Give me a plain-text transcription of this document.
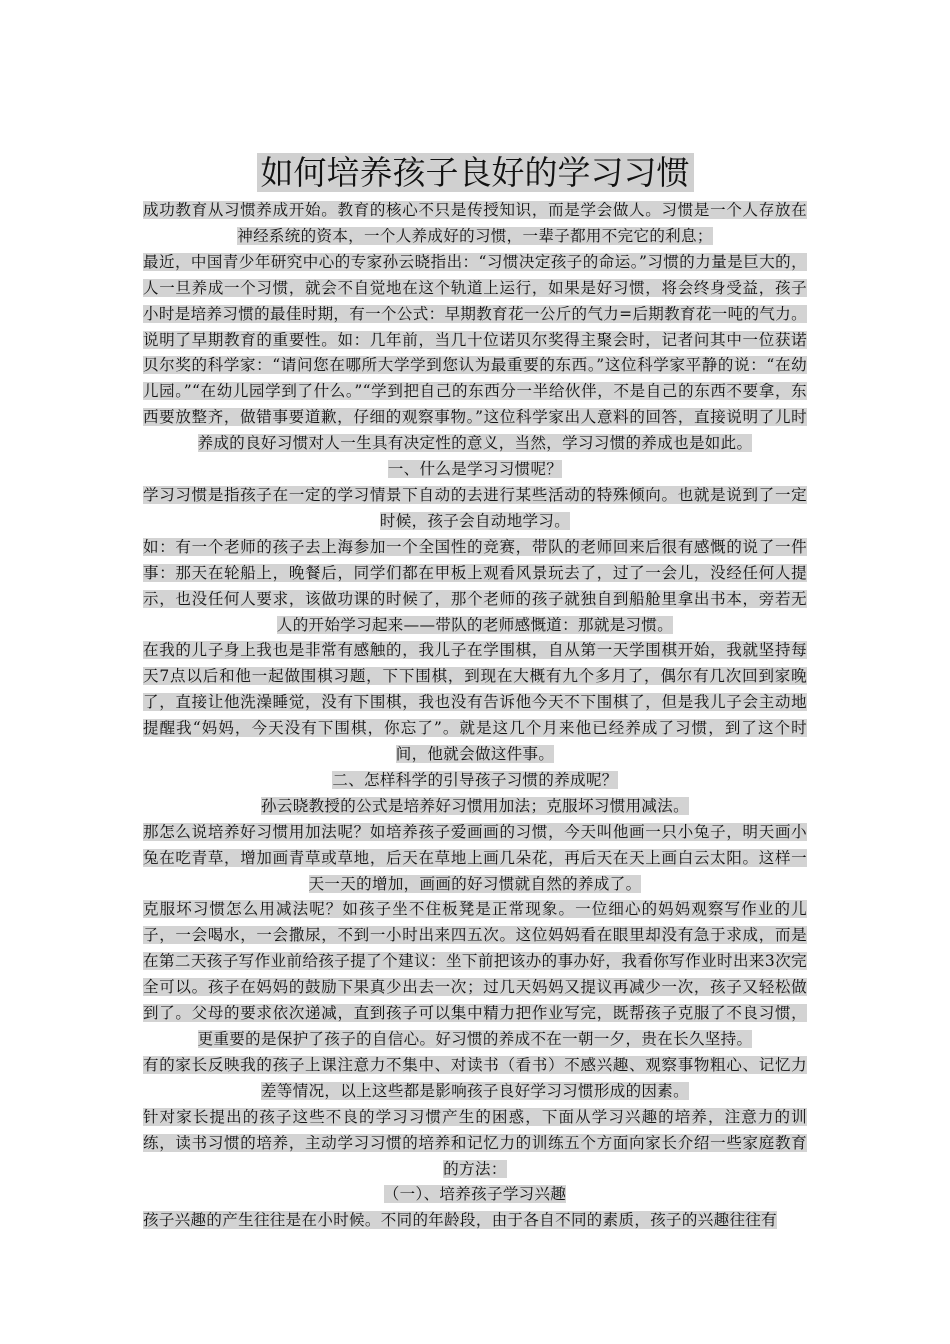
如何培养孩子良好的学习习惯

成功教育从习惯养成开始。教育的核心不只是传授知识，而是学会做人。习惯是一个人存放在神经系统的资本，一个人养成好的习惯，一辈子都用不完它的利息；

最近，中国青少年研究中心的专家孙云晓指出：“习惯决定孩子的命运。”习惯的力量是巨大的，人一旦养成一个习惯，就会不自觉地在这个轨道上运行，如果是好习惯，将会终身受益，孩子小时是培养习惯的最佳时期，有一个公式：早期教育花一公斤的气力=后期教育花一吨的气力。说明了早期教育的重要性。如：几年前，当几十位诺贝尔奖得主聚会时，记者问其中一位获诺贝尔奖的科学家：“请问您在哪所大学学到您认为最重要的东西。”这位科学家平静的说：“在幼儿园。”“在幼儿园学到了什么。”“学到把自己的东西分一半给伙伴，不是自己的东西不要拿，东西要放整齐，做错事要道歉，仔细的观察事物。”这位科学家出人意料的回答，直接说明了儿时养成的良好习惯对人一生具有决定性的意义，当然，学习习惯的养成也是如此。

一、什么是学习习惯呢？

学习习惯是指孩子在一定的学习情景下自动的去进行某些活动的特殊倾向。也就是说到了一定时候，孩子会自动地学习。

如：有一个老师的孩子去上海参加一个全国性的竞赛，带队的老师回来后很有感慨的说了一件事：那天在轮船上，晚餐后，同学们都在甲板上观看风景玩去了，过了一会儿，没经任何人提示，也没任何人要求，该做功课的时候了，那个老师的孩子就独自到船舱里拿出书本，旁若无人的开始学习起来——带队的老师感慨道：那就是习惯。

在我的儿子身上我也是非常有感触的，我儿子在学围棋，自从第一天学围棋开始，我就坚持每天7点以后和他一起做围棋习题，下下围棋，到现在大概有九个多月了，偶尔有几次回到家晚了，直接让他洗澡睡觉，没有下围棋，我也没有告诉他今天不下围棋了，但是我儿子会主动地提醒我“妈妈，今天没有下围棋，你忘了”。就是这几个月来他已经养成了习惯，到了这个时间，他就会做这件事。

二、怎样科学的引导孩子习惯的养成呢？

孙云晓教授的公式是培养好习惯用加法；克服坏习惯用减法。

那怎么说培养好习惯用加法呢？如培养孩子爱画画的习惯，今天叫他画一只小兔子，明天画小兔在吃青草，增加画青草或草地，后天在草地上画几朵花，再后天在天上画白云太阳。这样一天一天的增加，画画的好习惯就自然的养成了。

克服坏习惯怎么用减法呢？如孩子坐不住板凳是正常现象。一位细心的妈妈观察写作业的儿子，一会喝水，一会撒尿，不到一小时出来四五次。这位妈妈看在眼里却没有急于求成，而是在第二天孩子写作业前给孩子提了个建议：坐下前把该办的事办好，我看你写作业时出来3次完全可以。孩子在妈妈的鼓励下果真少出去一次；过几天妈妈又提议再减少一次，孩子又轻松做到了。父母的要求依次递减，直到孩子可以集中精力把作业写完，既帮孩子克服了不良习惯，更重要的是保护了孩子的自信心。好习惯的养成不在一朝一夕，贵在长久坚持。

有的家长反映我的孩子上课注意力不集中、对读书（看书）不感兴趣、观察事物粗心、记忆力差等情况，以上这些都是影响孩子良好学习习惯形成的因素。

针对家长提出的孩子这些不良的学习习惯产生的困惑，下面从学习兴趣的培养，注意力的训练，读书习惯的培养，主动学习习惯的培养和记忆力的训练五个方面向家长介绍一些家庭教育的方法：

（一）、培养孩子学习兴趣

孩子兴趣的产生往往是在小时候。不同的年龄段，由于各自不同的素质，孩子的兴趣往往有
